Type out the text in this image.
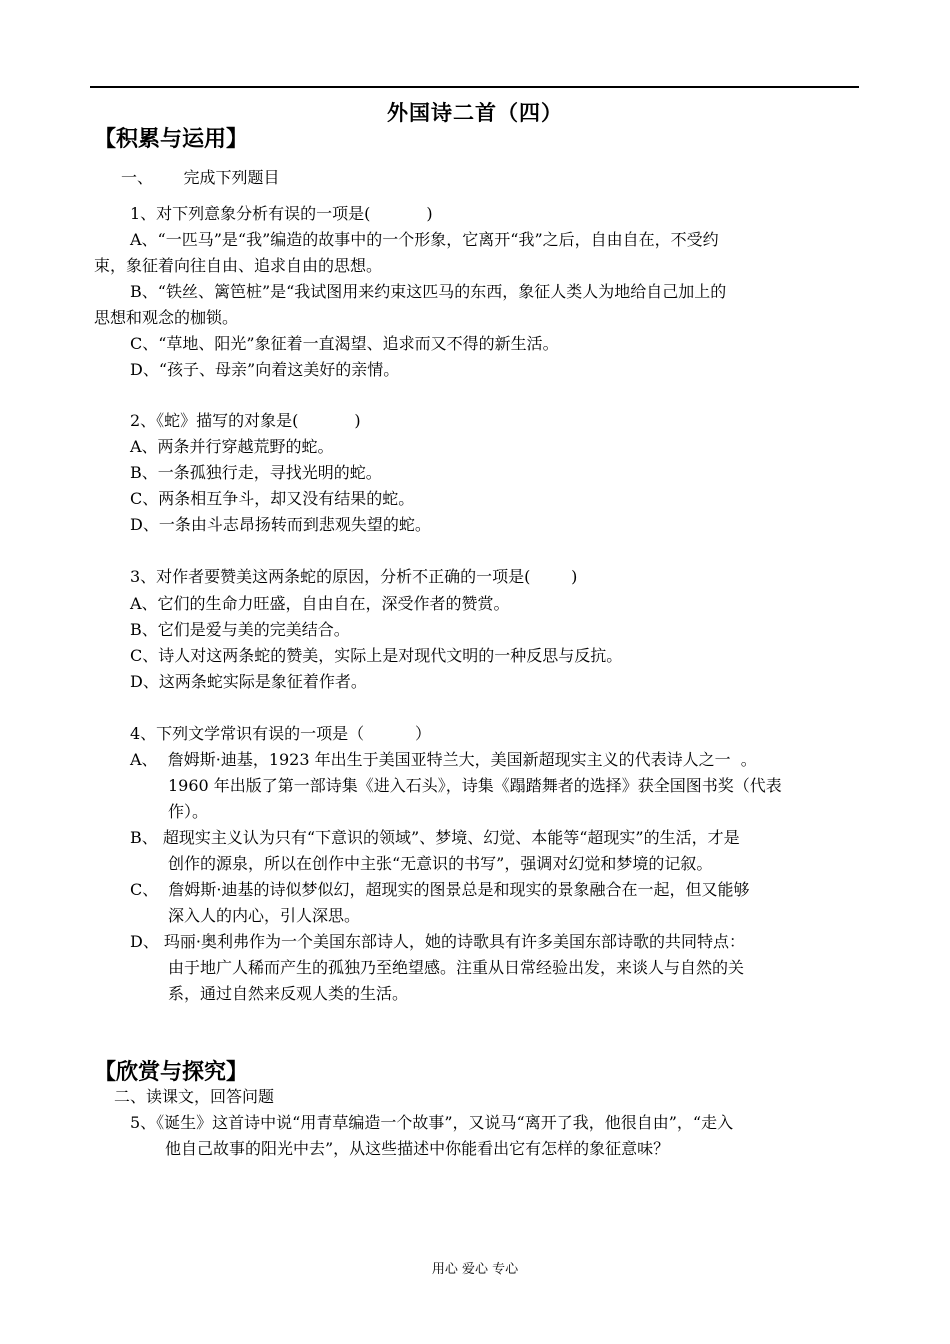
外国诗二首（四）
【积累与运用】
一、      完成下列题目
1、对下列意象分析有误的一项是(           )
A、“一匹马”是“我”编造的故事中的一个形象，它离开“我”之后，自由自在，不受约
束，象征着向往自由、追求自由的思想。
B、“铁丝、篱笆桩”是“我试图用来约束这匹马的东西，象征人类人为地给自己加上的
思想和观念的枷锁。
C、“草地、阳光”象征着一直渴望、追求而又不得的新生活。
D、“孩子、母亲”向着这美好的亲情。
2、《蛇》描写的对象是(           )
A、两条并行穿越荒野的蛇。
B、一条孤独行走，寻找光明的蛇。
C、两条相互争斗，却又没有结果的蛇。
D、一条由斗志昂扬转而到悲观失望的蛇。
3、对作者要赞美这两条蛇的原因，分析不正确的一项是(        )
A、它们的生命力旺盛，自由自在，深受作者的赞赏。
B、它们是爱与美的完美结合。
C、诗人对这两条蛇的赞美，实际上是对现代文明的一种反思与反抗。
D、这两条蛇实际是象征着作者。
4、下列文学常识有误的一项是（          ）
A、  詹姆斯·迪基，1923 年出生于美国亚特兰大，美国新超现实主义的代表诗人之一  。
1960 年出版了第一部诗集《进入石头》，诗集《蹋踏舞者的选择》获全国图书奖（代表
作）。
B、 超现实主义认为只有“下意识的领域”、梦境、幻觉、本能等“超现实”的生活，才是
创作的源泉，所以在创作中主张“无意识的书写”，强调对幻觉和梦境的记叙。
C、  詹姆斯·迪基的诗似梦似幻，超现实的图景总是和现实的景象融合在一起，但又能够
深入人的内心，引人深思。
D、 玛丽·奥利弗作为一个美国东部诗人，她的诗歌具有许多美国东部诗歌的共同特点：
由于地广人稀而产生的孤独乃至绝望感。注重从日常经验出发，来谈人与自然的关
系，通过自然来反观人类的生活。
【欣赏与探究】
二、读课文，回答问题
5、《诞生》这首诗中说“用青草编造一个故事”，又说马“离开了我，他很自由”，“走入
他自己故事的阳光中去”，从这些描述中你能看出它有怎样的象征意味？
用心 爱心 专心
